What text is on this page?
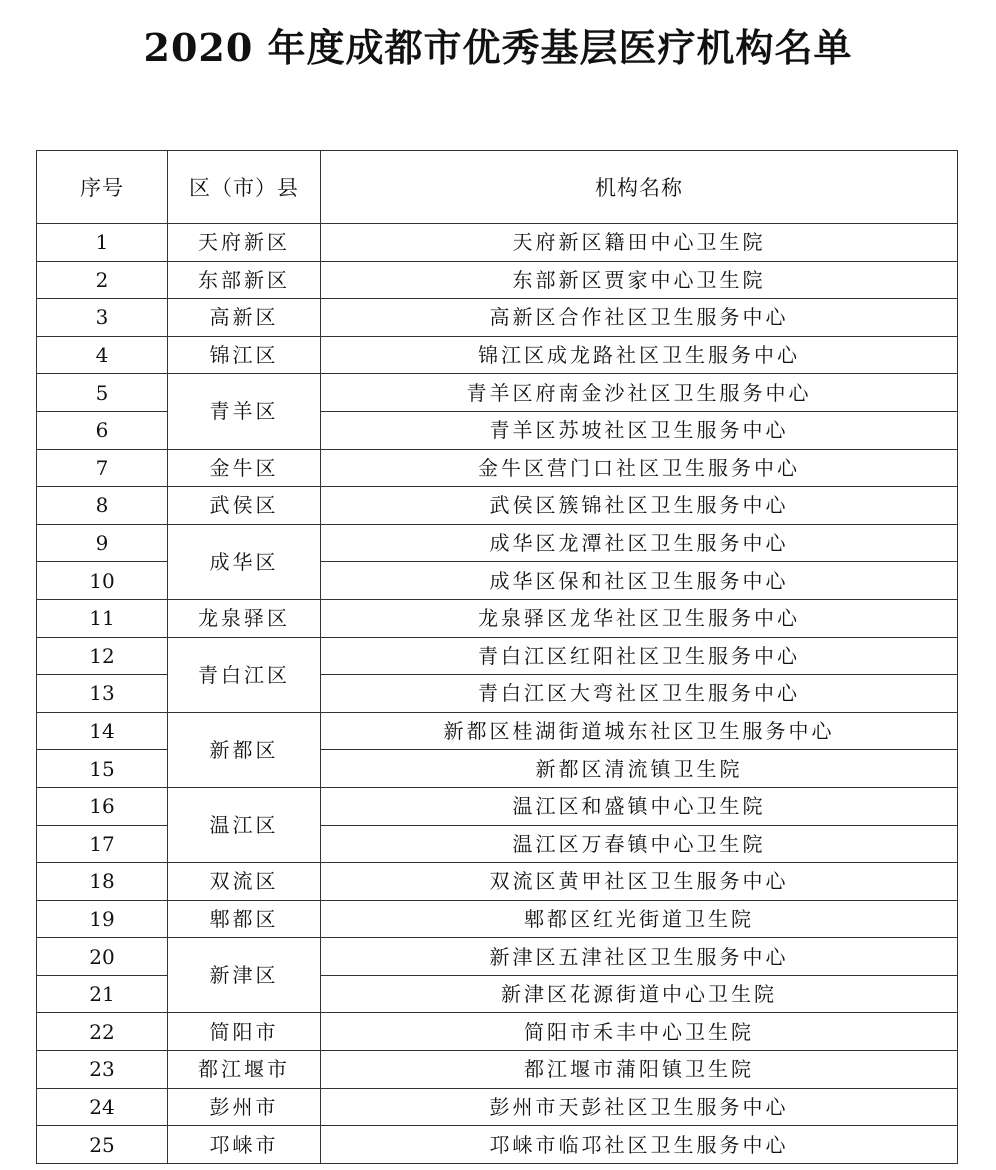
2020 年度成都市优秀基层医疗机构名单
序号	区（市）县	机构名称
1	天府新区	天府新区籍田中心卫生院
2	东部新区	东部新区贾家中心卫生院
3	高新区	高新区合作社区卫生服务中心
4	锦江区	锦江区成龙路社区卫生服务中心
5	青羊区	青羊区府南金沙社区卫生服务中心
6		青羊区苏坡社区卫生服务中心
7	金牛区	金牛区营门口社区卫生服务中心
8	武侯区	武侯区簇锦社区卫生服务中心
9	成华区	成华区龙潭社区卫生服务中心
10		成华区保和社区卫生服务中心
11	龙泉驿区	龙泉驿区龙华社区卫生服务中心
12	青白江区	青白江区红阳社区卫生服务中心
13		青白江区大弯社区卫生服务中心
14	新都区	新都区桂湖街道城东社区卫生服务中心
15		新都区清流镇卫生院
16	温江区	温江区和盛镇中心卫生院
17		温江区万春镇中心卫生院
18	双流区	双流区黄甲社区卫生服务中心
19	郫都区	郫都区红光街道卫生院
20	新津区	新津区五津社区卫生服务中心
21		新津区花源街道中心卫生院
22	简阳市	简阳市禾丰中心卫生院
23	都江堰市	都江堰市蒲阳镇卫生院
24	彭州市	彭州市天彭社区卫生服务中心
25	邛崃市	邛崃市临邛社区卫生服务中心
